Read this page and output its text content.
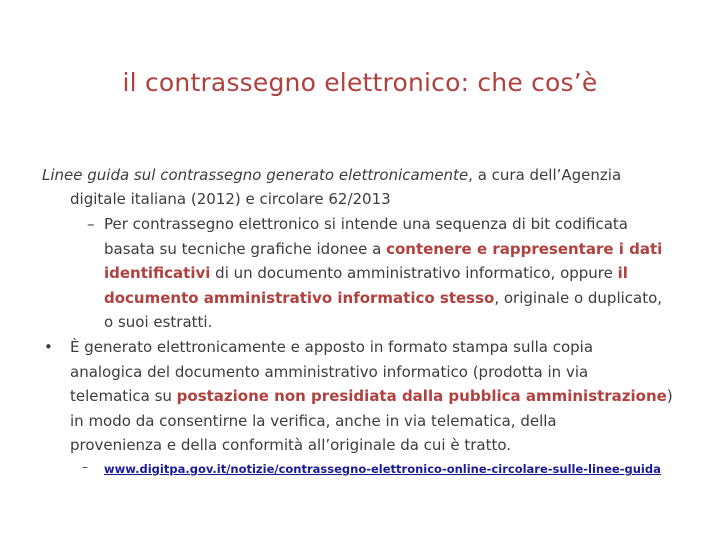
il contrassegno elettronico: che cos’è
Linee guida sul contrassegno generato elettronicamente, a cura dell’Agenzia
digitale italiana (2012) e circolare 62/2013
– Per contrassegno elettronico si intende una sequenza di bit codificata
basata su tecniche grafiche idonee a contenere e rappresentare i dati
identificativi di un documento amministrativo informatico, oppure il
documento amministrativo informatico stesso, originale o duplicato,
o suoi estratti.
• È generato elettronicamente e apposto in formato stampa sulla copia
analogica del documento amministrativo informatico (prodotta in via
telematica su postazione non presidiata dalla pubblica amministrazione)
in modo da consentirne la verifica, anche in via telematica, della
provenienza e della conformità all’originale da cui è tratto.
– www.digitpa.gov.it/notizie/contrassegno-elettronico-online-circolare-sulle-linee-guida
